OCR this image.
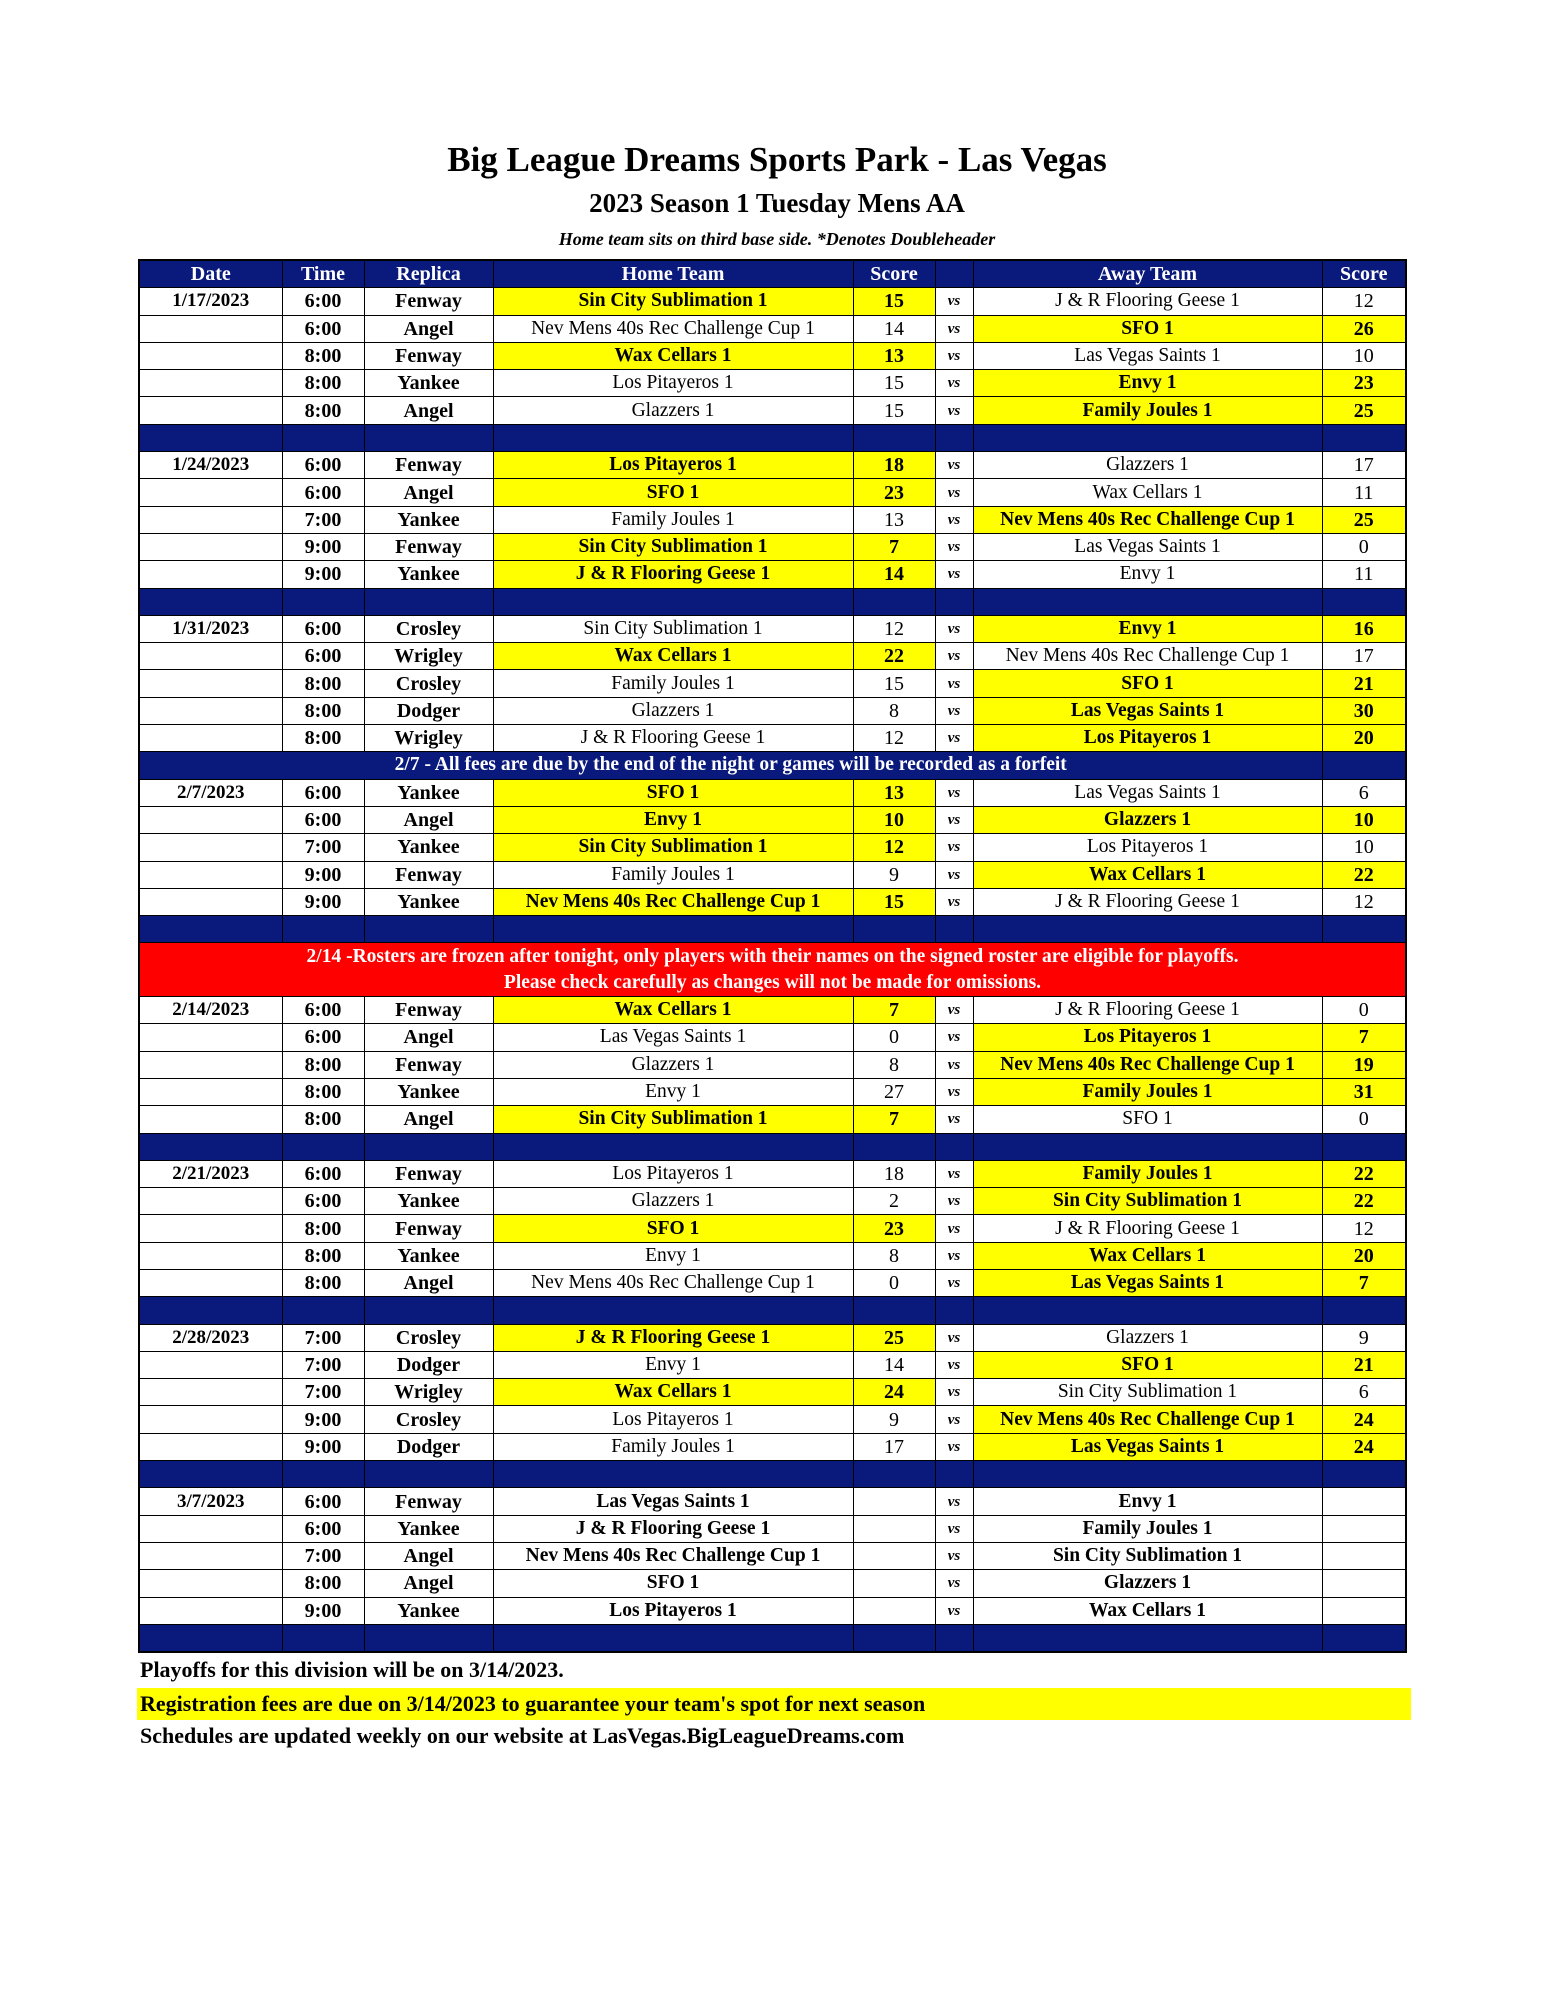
Big League Dreams Sports Park - Las Vegas
2023 Season 1 Tuesday Mens AA
Home team sits on third base side. *Denotes Doubleheader
Date	Time	Replica	Home Team	Score		Away Team	Score
1/17/2023	6:00	Fenway	Sin City Sublimation 1	15	vs	J & R Flooring Geese 1	12
	6:00	Angel	Nev Mens 40s Rec Challenge Cup 1	14	vs	SFO 1	26
	8:00	Fenway	Wax Cellars 1	13	vs	Las Vegas Saints 1	10
	8:00	Yankee	Los Pitayeros 1	15	vs	Envy 1	23
	8:00	Angel	Glazzers 1	15	vs	Family Joules 1	25

1/24/2023	6:00	Fenway	Los Pitayeros 1	18	vs	Glazzers 1	17
	6:00	Angel	SFO 1	23	vs	Wax Cellars 1	11
	7:00	Yankee	Family Joules 1	13	vs	Nev Mens 40s Rec Challenge Cup 1	25
	9:00	Fenway	Sin City Sublimation 1	7	vs	Las Vegas Saints 1	0
	9:00	Yankee	J & R Flooring Geese 1	14	vs	Envy 1	11

1/31/2023	6:00	Crosley	Sin City Sublimation 1	12	vs	Envy 1	16
	6:00	Wrigley	Wax Cellars 1	22	vs	Nev Mens 40s Rec Challenge Cup 1	17
	8:00	Crosley	Family Joules 1	15	vs	SFO 1	21
	8:00	Dodger	Glazzers 1	8	vs	Las Vegas Saints 1	30
	8:00	Wrigley	J & R Flooring Geese 1	12	vs	Los Pitayeros 1	20
2/7 - All fees are due by the end of the night or games will be recorded as a forfeit							
2/7/2023	6:00	Yankee	SFO 1	13	vs	Las Vegas Saints 1	6
	6:00	Angel	Envy 1	10	vs	Glazzers 1	10
	7:00	Yankee	Sin City Sublimation 1	12	vs	Los Pitayeros 1	10
	9:00	Fenway	Family Joules 1	9	vs	Wax Cellars 1	22
	9:00	Yankee	Nev Mens 40s Rec Challenge Cup 1	15	vs	J & R Flooring Geese 1	12

2/14 -Rosters are frozen after tonight, only players with their names on the signed roster are eligible for playoffs.							
Please check carefully as changes will not be made for omissions.							
2/14/2023	6:00	Fenway	Wax Cellars 1	7	vs	J & R Flooring Geese 1	0
	6:00	Angel	Las Vegas Saints 1	0	vs	Los Pitayeros 1	7
	8:00	Fenway	Glazzers 1	8	vs	Nev Mens 40s Rec Challenge Cup 1	19
	8:00	Yankee	Envy 1	27	vs	Family Joules 1	31
	8:00	Angel	Sin City Sublimation 1	7	vs	SFO 1	0

2/21/2023	6:00	Fenway	Los Pitayeros 1	18	vs	Family Joules 1	22
	6:00	Yankee	Glazzers 1	2	vs	Sin City Sublimation 1	22
	8:00	Fenway	SFO 1	23	vs	J & R Flooring Geese 1	12
	8:00	Yankee	Envy 1	8	vs	Wax Cellars 1	20
	8:00	Angel	Nev Mens 40s Rec Challenge Cup 1	0	vs	Las Vegas Saints 1	7

2/28/2023	7:00	Crosley	J & R Flooring Geese 1	25	vs	Glazzers 1	9
	7:00	Dodger	Envy 1	14	vs	SFO 1	21
	7:00	Wrigley	Wax Cellars 1	24	vs	Sin City Sublimation 1	6
	9:00	Crosley	Los Pitayeros 1	9	vs	Nev Mens 40s Rec Challenge Cup 1	24
	9:00	Dodger	Family Joules 1	17	vs	Las Vegas Saints 1	24

3/7/2023	6:00	Fenway	Las Vegas Saints 1		vs	Envy 1	
	6:00	Yankee	J & R Flooring Geese 1		vs	Family Joules 1	
	7:00	Angel	Nev Mens 40s Rec Challenge Cup 1		vs	Sin City Sublimation 1	
	8:00	Angel	SFO 1		vs	Glazzers 1	
	9:00	Yankee	Los Pitayeros 1		vs	Wax Cellars 1	

Playoffs for this division will be on 3/14/2023.
Registration fees are due on 3/14/2023 to guarantee your team's spot for next season
Schedules are updated weekly on our website at LasVegas.BigLeagueDreams.com
